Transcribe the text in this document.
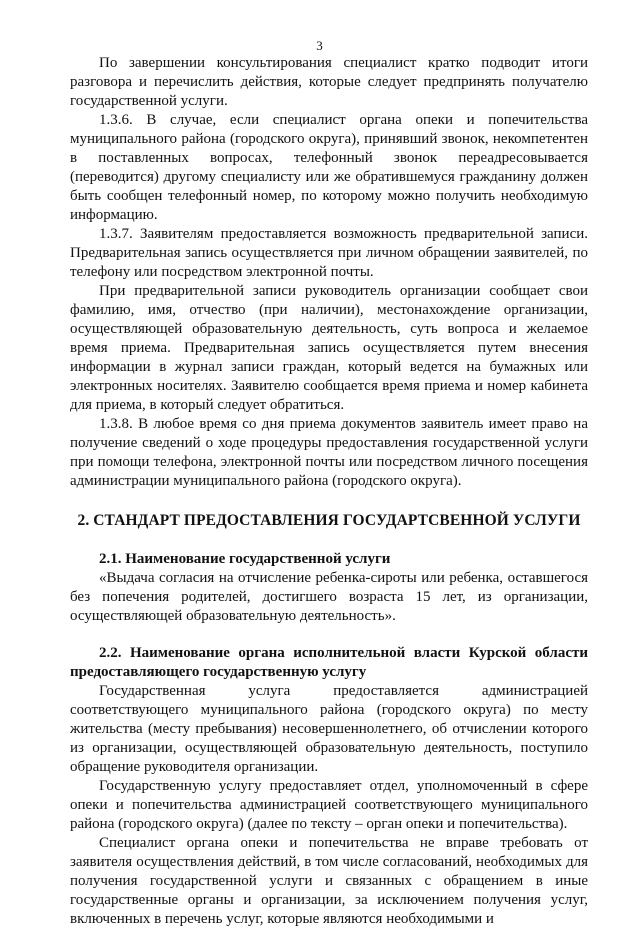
3

По завершении консультирования специалист кратко подводит итоги разговора и перечислить действия, которые следует предпринять получателю государственной услуги.

1.3.6. В случае, если специалист органа опеки и попечительства муниципального района (городского округа), принявший звонок, некомпетентен в поставленных вопросах, телефонный звонок переадресовывается (переводится) другому специалисту или же обратившемуся гражданину должен быть сообщен телефонный номер, по которому можно получить необходимую информацию.

1.3.7. Заявителям предоставляется возможность предварительной записи. Предварительная запись осуществляется при личном обращении заявителей, по телефону или посредством электронной почты.

При предварительной записи руководитель организации сообщает свои фамилию, имя, отчество (при наличии), местонахождение организации, осуществляющей образовательную деятельность, суть вопроса и желаемое время приема. Предварительная запись осуществляется путем внесения информации в журнал записи граждан, который ведется на бумажных или электронных носителях. Заявителю сообщается время приема и номер кабинета для приема, в который следует обратиться.

1.3.8. В любое время со дня приема документов заявитель имеет право на получение сведений о ходе процедуры предоставления государственной услуги при помощи телефона, электронной почты или посредством личного посещения администрации муниципального района (городского округа).

2. СТАНДАРТ ПРЕДОСТАВЛЕНИЯ ГОСУДАРТСВЕННОЙ УСЛУГИ
2.1. Наименование государственной услуги

«Выдача согласия на отчисление ребенка-сироты или ребенка, оставшегося без попечения родителей, достигшего возраста 15 лет, из организации, осуществляющей образовательную деятельность».

2.2. Наименование органа исполнительной власти Курской области предоставляющего государственную услугу

Государственная услуга предоставляется администрацией соответствующего муниципального района (городского округа) по месту жительства (месту пребывания) несовершеннолетнего, об отчислении которого из организации, осуществляющей образовательную деятельность, поступило обращение руководителя организации.

Государственную услугу предоставляет отдел, уполномоченный в сфере опеки и попечительства администрацией соответствующего муниципального района (городского округа) (далее по тексту – орган опеки и попечительства).

Специалист органа опеки и попечительства не вправе требовать от заявителя осуществления действий, в том числе согласований, необходимых для получения государственной услуги и связанных с обращением в иные государственные органы и организации, за исключением получения услуг, включенных в перечень услуг, которые являются необходимыми и
